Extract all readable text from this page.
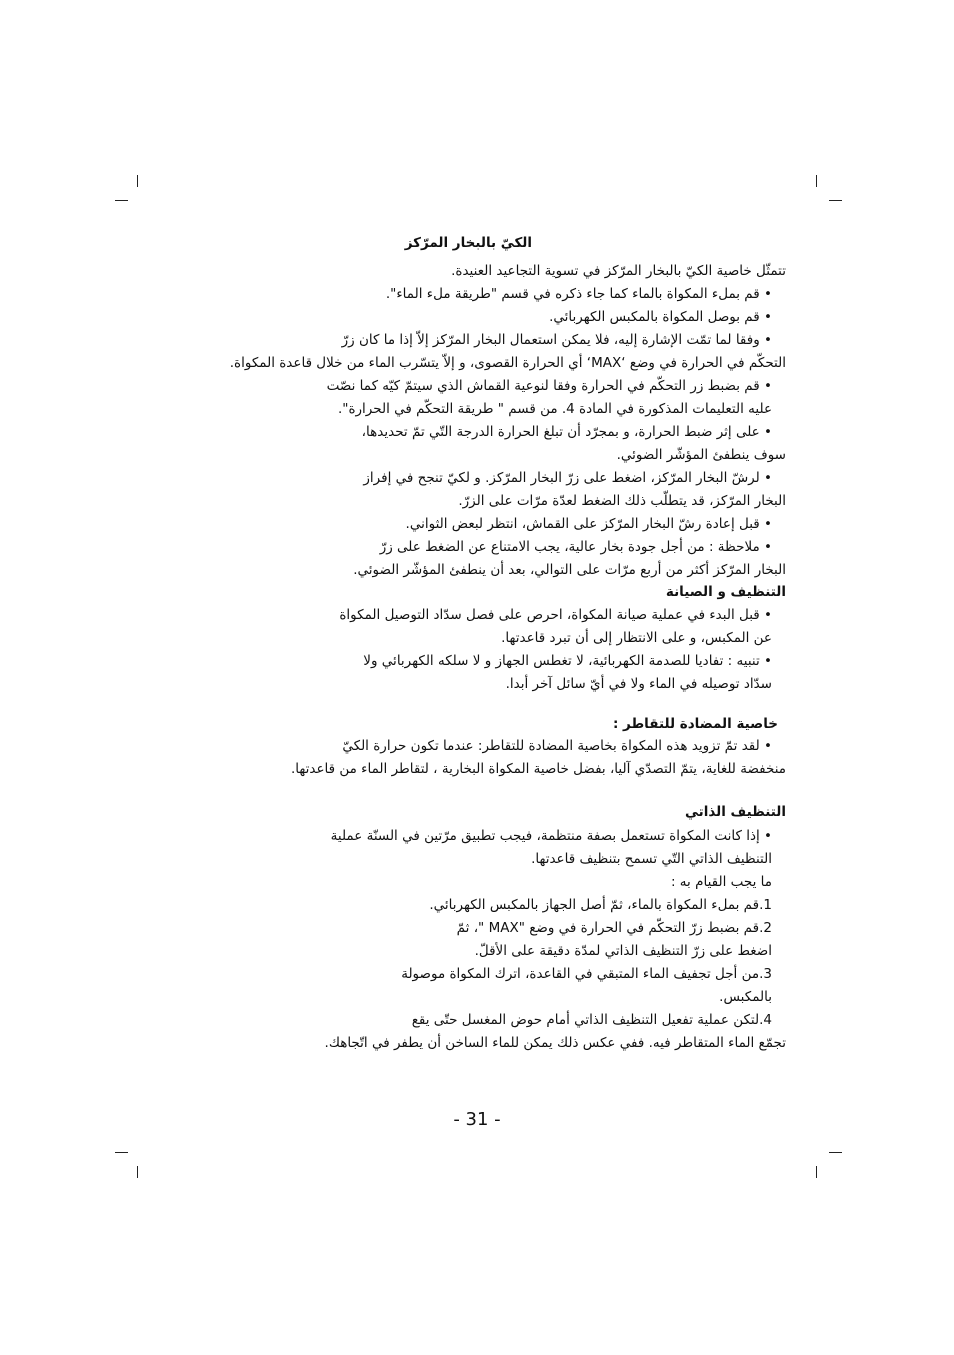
الكيّ بالبخار المرّكز
تتمثّل خاصية الكيّ بالبخار المرّكز في تسوية التجاعيد العنيدة.
• قم بملء المكواة بالماء كما جاء ذكره في قسم "طريقة ملء الماء".
• قم بوصل المكواة بالمكبس الكهربائي.
• وفقا لما تمّت الإشارة إليه، فلا يمكن استعمال البخار المرّكز إلاّ إذا ما كان زرّ
التحكّم في الحرارة في وضع ‘MAX‘ أي الحرارة القصوى، و إلاّ يتسّرب الماء من خلال قاعدة المكواة.
• قم بضبط زر التحكّم في الحرارة وفقا لنوعية القماش الذي سيتمّ كيّه كما نصّت
عليه التعليمات المذكورة في المادة 4. من قسم " طريقة التحكّم في الحرارة".
• على إثر ضبط الحرارة، و بمجرّد أن تبلغ الحرارة الدرجة التّي تمّ تحديدها،
سوف ينطفئ المؤشّر الضوئي.
• لرشّ البخار المرّكز، اضغط على زرّ البخار المرّكز. و لكيّ تنجح في إفراز
البخار المرّكز، قد يتطلّب ذلك الضغط لعدّة مرّات على الزرّ.
• قبل إعادة رشّ البخار المرّكز على القماش، انتظر لبعض الثواني.
• ملاحظة : من أجل جودة بخار عالية، يجب الامتناع عن الضغط على زرّ
البخار المرّكز أكثر من أربع مرّات على التوالي، بعد أن ينطفئ المؤشّر الضوئي.
التنظيف و الصيانة
• قبل البدء في عملية صيانة المكواة، احرص على فصل سدّاد التوصيل المكواة
عن المكبس، و على الانتظار إلى أن تبرد قاعدتها.
• تنبيه : تفاديا للصدمة الكهربائية، لا تغطس الجهاز و لا سلكه الكهربائي ولا
سدّاد توصيله في الماء ولا في أيّ سائل آخر أبدا.
خاصية المضادة للتقاطر :
• لقد تمّ تزويد هذه المكواة بخاصية المضادة للتقاطر: عندما تكون حرارة الكيّ
منخفضة للغاية، يتمّ التصدّي آليا، بفضل خاصية المكواة البخارية ، لتقاطر الماء من قاعدتها.
التنظيف الذاتي
• إذا كانت المكواة تستعمل بصفة منتظمة، فيجب تطبيق مرّتين في السنّة عملية
التنظيف الذاتي التّي تسمح بتنظيف قاعدتها.
ما يجب القيام به :
1.قم بملء المكواة بالماء، ثمّ أصل الجهاز بالمكبس الكهربائي.
2.قم بضبط زرّ التحكّم في الحرارة في وضع "MAX "، ثمّ
اضغط على زرّ التنظيف الذاتي لمدّة دقيقة على الأقلّ.
3.من أجل تجفيف الماء المتبقي في القاعدة، اترك المكواة موصولة
بالمكبس.
4.لتكن عملية تفعيل التنظيف الذاتي أمام حوض المغسل حتّى يقع
تجمّع الماء المتقاطر فيه. ففي عكس ذلك يمكن للماء الساخن أن يطفر في اتّجاهك.
- 31 -
